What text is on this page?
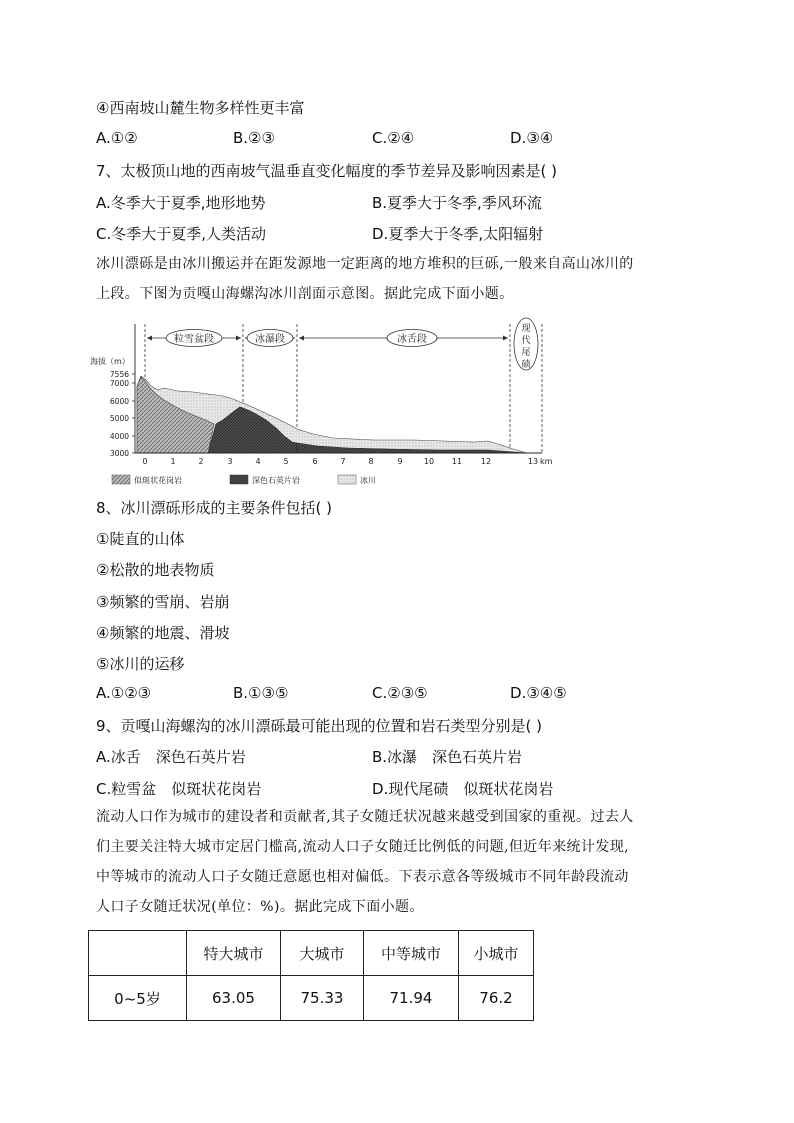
④西南坡山麓生物多样性更丰富
A.①②	B.②③	C.②④	D.③④
7、太极顶山地的西南坡气温垂直变化幅度的季节差异及影响因素是( )
A.冬季大于夏季,地形地势	B.夏季大于冬季,季风环流
C.冬季大于夏季,人类活动	D.夏季大于冬季,太阳辐射
冰川漂砾是由冰川搬运并在距发源地一定距离的地方堆积的巨砾,一般来自高山冰川的
上段。下图为贡嘎山海螺沟冰川剖面示意图。据此完成下面小题。
粒雪盆段	冰瀑段	冰舌段
现
代
尾
碛
海拔（m）
7556
7000
6000
5000
4000
3000
0	1	2	3	4	5	6	7	8	9	10 11 12	13 km
似斑状花岗岩	深色石英片岩	冰川
8、冰川漂砾形成的主要条件包括( )
①陡直的山体
②松散的地表物质
③频繁的雪崩、岩崩
④频繁的地震、滑坡
⑤冰川的运移
A.①②③	B.①③⑤	C.②③⑤	D.③④⑤
9、贡嘎山海螺沟的冰川漂砾最可能出现的位置和岩石类型分别是( )
A.冰舌　深色石英片岩	B.冰瀑　深色石英片岩
C.粒雪盆　似斑状花岗岩	D.现代尾碛　似斑状花岗岩
流动人口作为城市的建设者和贡献者,其子女随迁状况越来越受到国家的重视。过去人
们主要关注特大城市定居门槛高,流动人口子女随迁比例低的问题,但近年来统计发现,
中等城市的流动人口子女随迁意愿也相对偏低。下表示意各等级城市不同年龄段流动
人口子女随迁状况(单位：%)。据此完成下面小题。
	特大城市	大城市	中等城市	小城市
0~5岁	63.05	75.33	71.94	76.2
